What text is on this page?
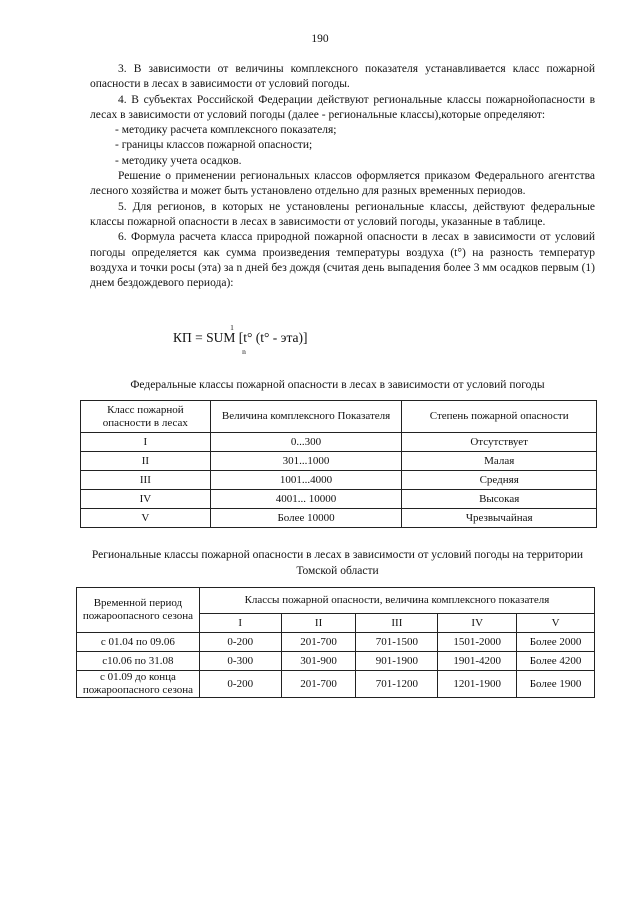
190

3. В зависимости от величины комплексного показателя устанавливается класс пожарной опасности в лесах в зависимости от условий погоды.

4. В субъектах Российской Федерации действуют региональные классы пожарнойопасности в лесах в зависимости от условий погоды (далее - региональные классы),которые определяют:

- методику расчета комплексного показателя;

- границы классов пожарной опасности;

- методику учета осадков.

Решение о применении региональных классов оформляется приказом Федерального агентства лесного хозяйства и может быть установлено отдельно для разных временных периодов.

5. Для регионов, в которых не установлены региональные классы, действуют федеральные классы пожарной опасности в лесах в зависимости от условий погоды, указанные в таблице.

6. Формула расчета класса природной пожарной опасности в лесах в зависимости от условий погоды определяется как сумма произведения температуры воздуха (t°) на разность температур воздуха и точки росы (эта) за n дней без дождя (считая день выпадения более 3 мм осадков первым (1) днем бездождевого периода):

КП = SUM
1
n
[t° (t° - эта)]
Федеральные классы пожарной опасности в лесах в зависимости от условий погоды
Класс пожарной опасности в лесах	Величина комплексного Показателя	Степень пожарной опасности
I	0...300	Отсутствует
II	301...1000	Малая
III	1001...4000	Средняя
IV	4001... 10000	Высокая
V	Более 10000	Чрезвычайная
Региональные классы пожарной опасности в лесах в зависимости от условий погоды на территории Томской области
Временной период пожароопасного сезона	Классы пожарной опасности, величина комплексного показателя				
	I	II	III	IV	V
с 01.04 по 09.06	0-200	201-700	701-1500	1501-2000	Более 2000
с10.06 по 31.08	0-300	301-900	901-1900	1901-4200	Более 4200
с 01.09 до конца пожароопасного сезона	0-200	201-700	701-1200	1201-1900	Более 1900
